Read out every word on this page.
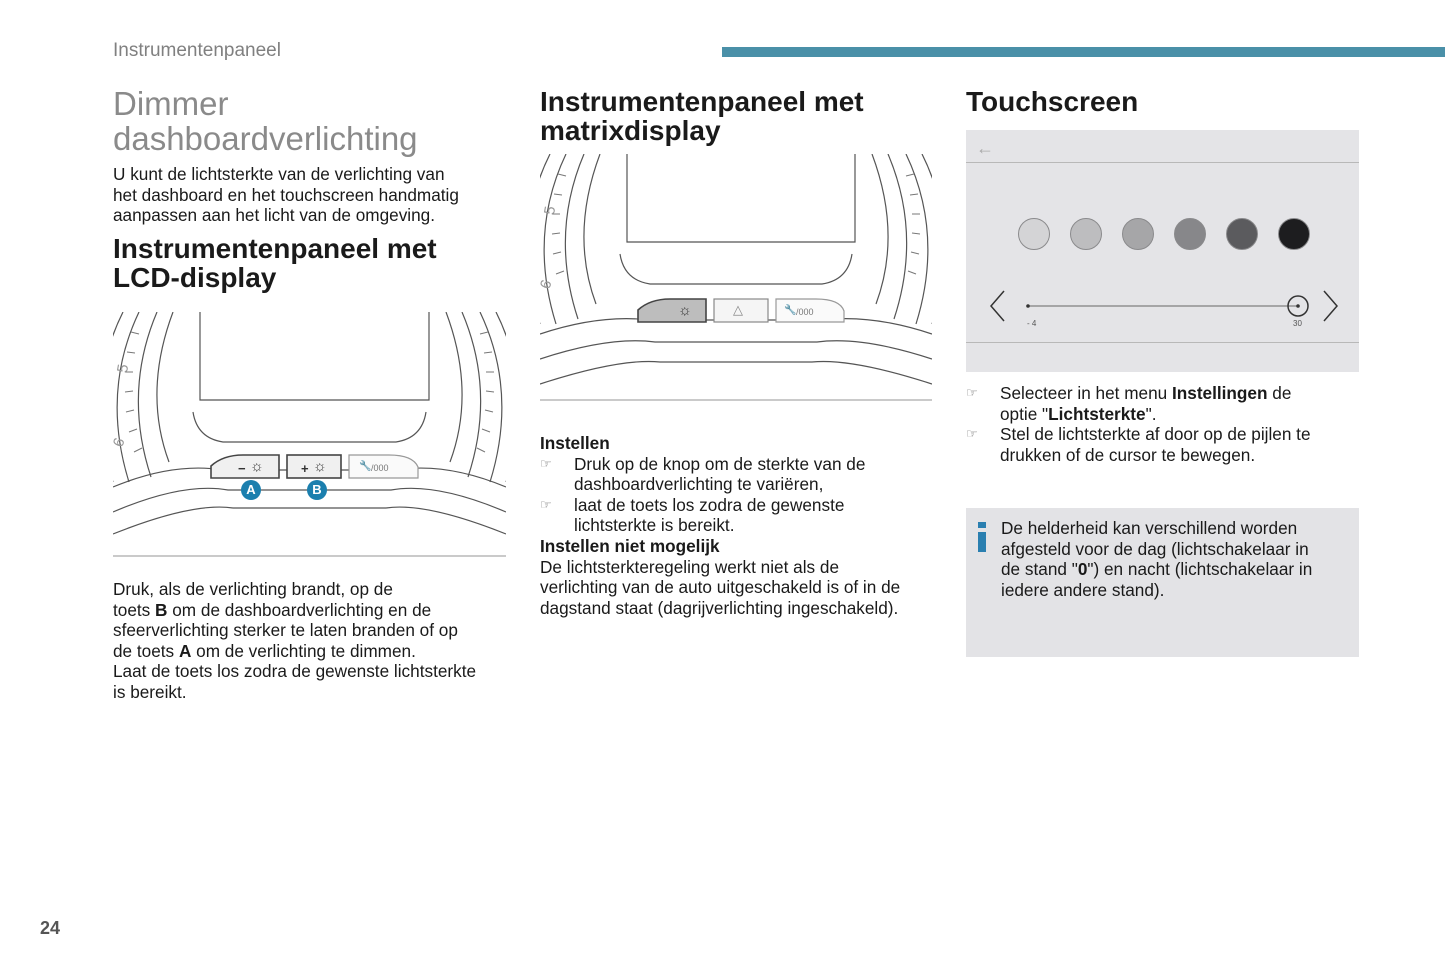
Instrumentenpaneel
Dimmer
dashboardverlichting
U kunt de lichtsterkte van de verlichting van
het dashboard en het touchscreen handmatig
aanpassen aan het licht van de omgeving.
Instrumentenpaneel met
LCD-display
− ☼	+ ☼	🔧 /000
5
6
A	B
Druk, als de verlichting brandt, op de
toets B om de dashboardverlichting en de
sfeerverlichting sterker te laten branden of op
de toets A om de verlichting te dimmen.
Laat de toets los zodra de gewenste lichtsterkte
is bereikt.
Instrumentenpaneel met
matrixdisplay
☼	△	🔧 /000
5
6
Instellen
☞	Druk op de knop om de sterkte van de
dashboardverlichting te variëren,
☞	laat de toets los zodra de gewenste
lichtsterkte is bereikt.
Instellen niet mogelijk
De lichtsterkteregeling werkt niet als de
verlichting van de auto uitgeschakeld is of in de
dagstand staat (dagrijverlichting ingeschakeld).
Touchscreen
←
- 4	30
☞	Selecteer in het menu Instellingen de
optie "Lichtsterkte".
☞	Stel de lichtsterkte af door op de pijlen te
drukken of de cursor te bewegen.
De helderheid kan verschillend worden
afgesteld voor de dag (lichtschakelaar in
de stand "0") en nacht (lichtschakelaar in
iedere andere stand).
24
